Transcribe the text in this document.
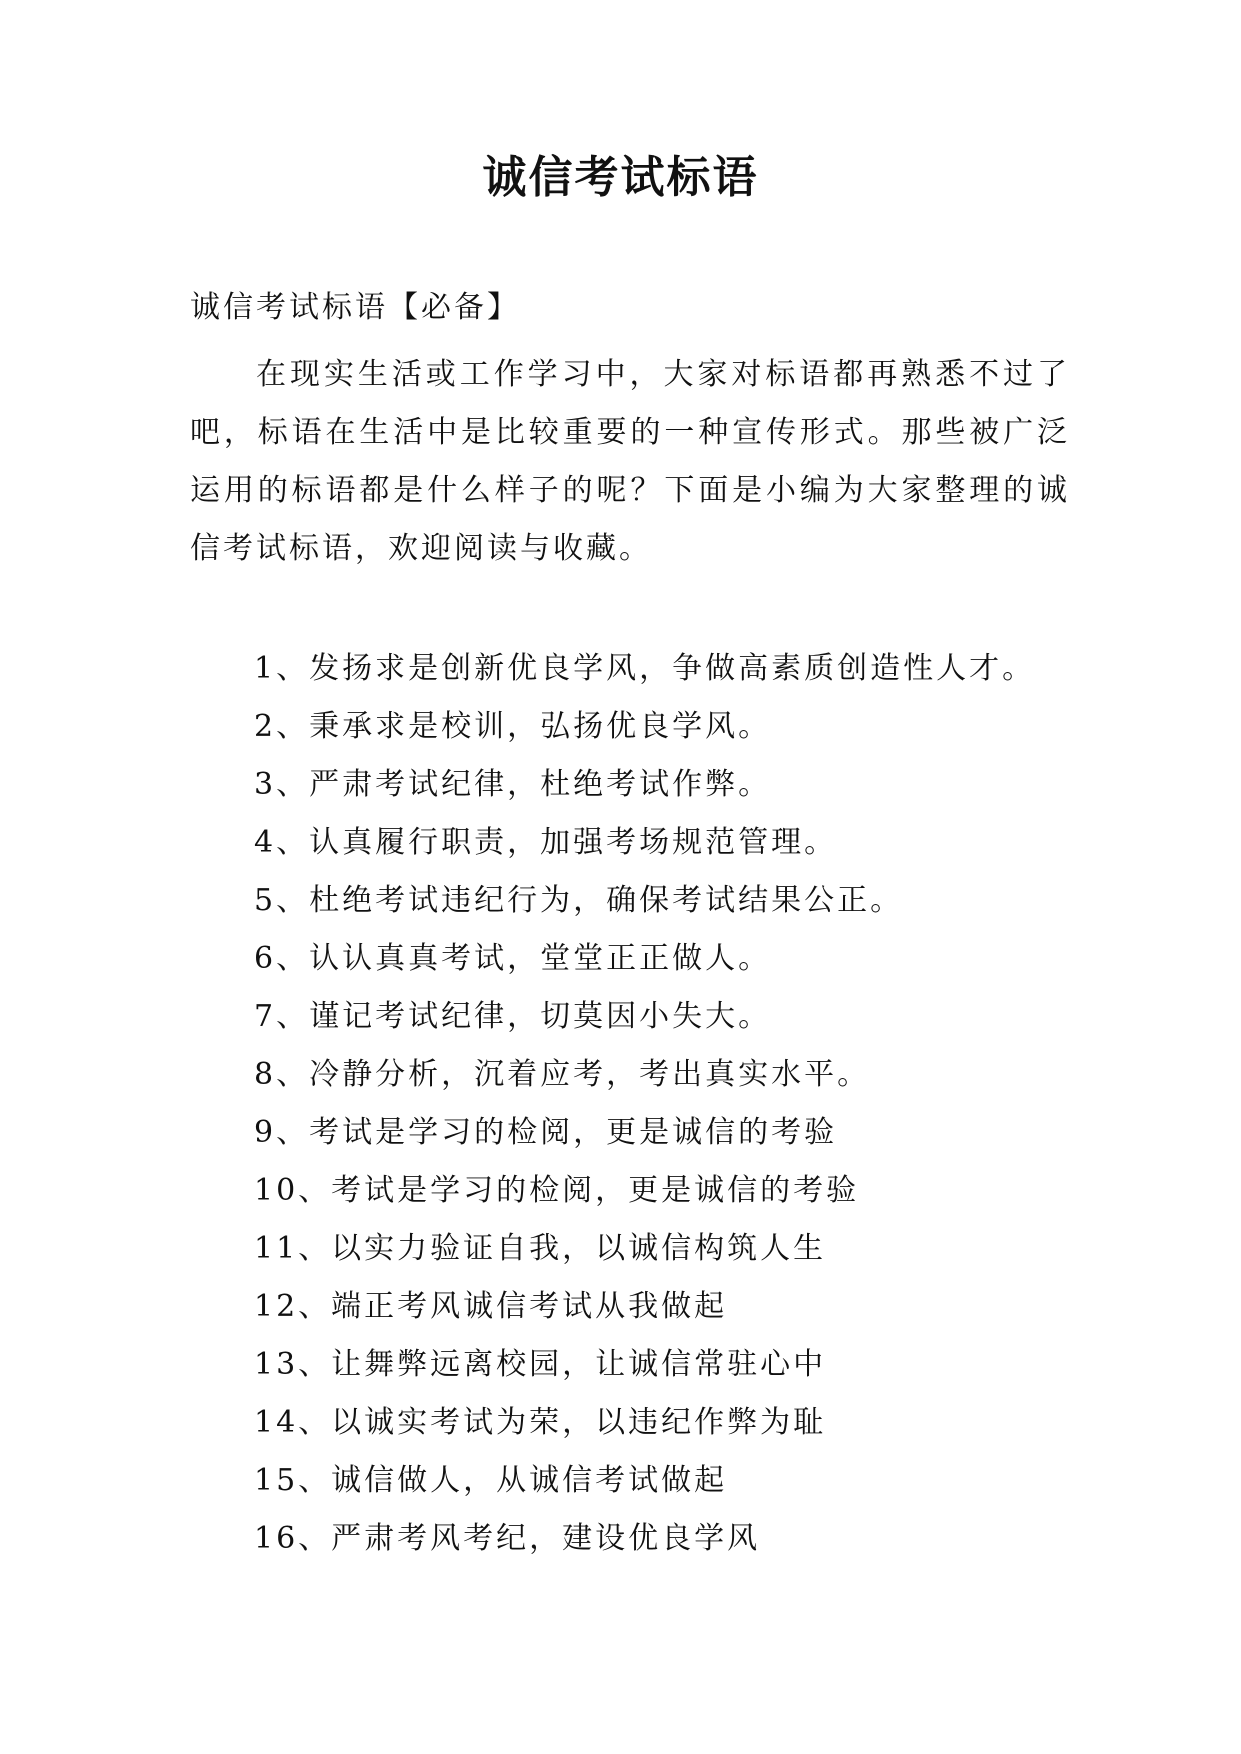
诚信考试标语

诚信考试标语【必备】

在现实生活或工作学习中，大家对标语都再熟悉不过了吧，标语在生活中是比较重要的一种宣传形式。那些被广泛运用的标语都是什么样子的呢？下面是小编为大家整理的诚信考试标语，欢迎阅读与收藏。

1、发扬求是创新优良学风，争做高素质创造性人才。
2、秉承求是校训，弘扬优良学风。
3、严肃考试纪律，杜绝考试作弊。
4、认真履行职责，加强考场规范管理。
5、杜绝考试违纪行为，确保考试结果公正。
6、认认真真考试，堂堂正正做人。
7、谨记考试纪律，切莫因小失大。
8、冷静分析，沉着应考，考出真实水平。
9、考试是学习的检阅，更是诚信的考验
10、考试是学习的检阅，更是诚信的考验
11、以实力验证自我，以诚信构筑人生
12、端正考风诚信考试从我做起
13、让舞弊远离校园，让诚信常驻心中
14、以诚实考试为荣，以违纪作弊为耻
15、诚信做人，从诚信考试做起
16、严肃考风考纪，建设优良学风
